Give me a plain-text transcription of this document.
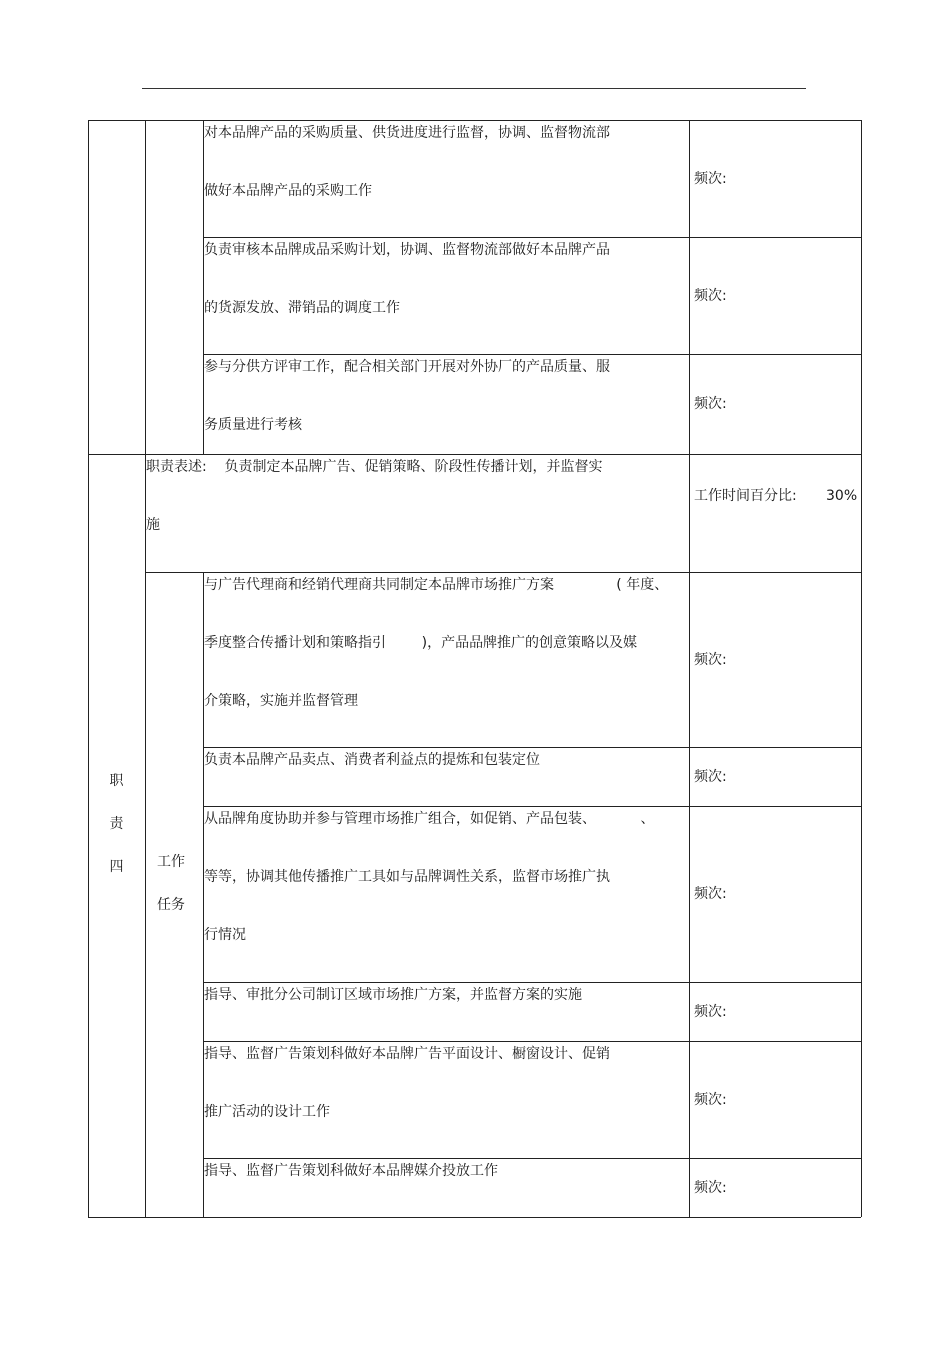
对本品牌产品的采购质量、供货进度进行监督，协调、监督物流部
做好本品牌产品的采购工作
频次:
负责审核本品牌成品采购计划，协调、监督物流部做好本品牌产品
的货源发放、滞销品的调度工作
频次:
参与分供方评审工作，配合相关部门开展对外协厂的产品质量、服
务质量进行考核
频次:
职责表述:    负责制定本品牌广告、促销策略、阶段性传播计划，并监督实
施
工作时间百分比: 30%
与广告代理商和经销代理商共同制定本品牌市场推广方案              ( 年度、
季度整合传播计划和策略指引        )，产品品牌推广的创意策略以及媒
介策略，实施并监督管理
频次:
负责本品牌产品卖点、消费者利益点的提炼和包装定位
频次:
从品牌角度协助并参与管理市场推广组合，如促销、产品包装、          、
等等，协调其他传播推广工具如与品牌调性关系，监督市场推广执
行情况
频次:
指导、审批分公司制订区域市场推广方案，并监督方案的实施
频次:
指导、监督广告策划科做好本品牌广告平面设计、橱窗设计、促销
推广活动的设计工作
频次:
指导、监督广告策划科做好本品牌媒介投放工作
频次:
职
责
四 工作
任务
